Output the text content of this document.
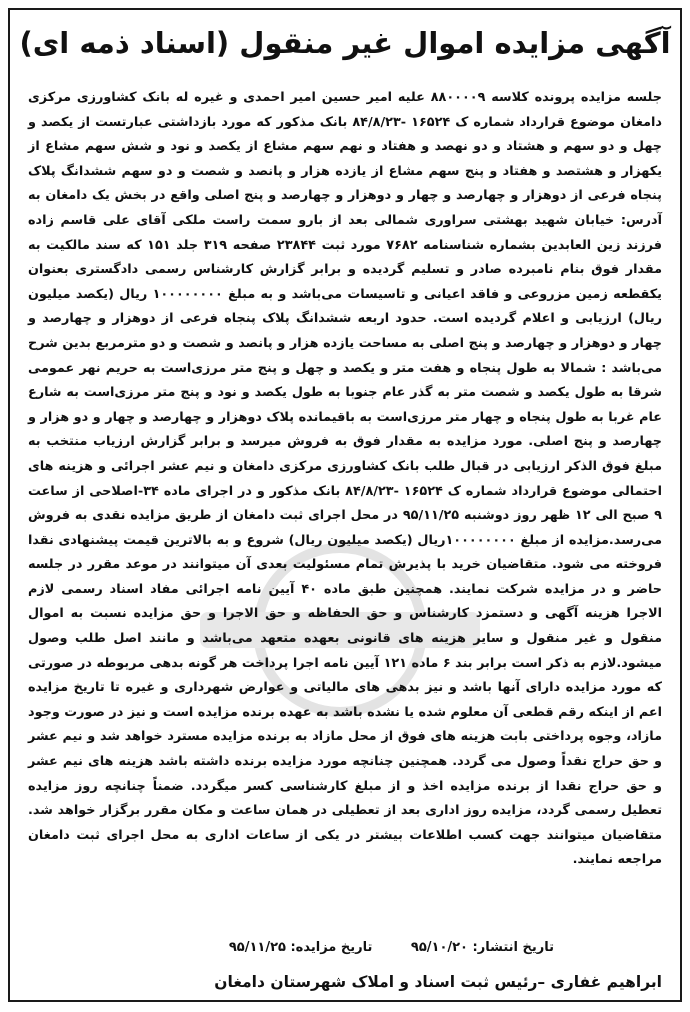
آگهی مزایده اموال غیر منقول (اسناد ذمه ای)
جلسه مزایده پرونده کلاسه ۸۸۰۰۰۰۹ علیه امیر حسین امیر احمدی و غیره له بانک کشاورزی مرکزی دامغان موضوع قرارداد شماره ک ۱۶۵۲۴ -۸۴/۸/۲۳ بانک مذکور که مورد بازداشتی عبارتست از یکصد و چهل و دو سهم و هشتاد و دو نهصد و هفتاد و نهم سهم مشاع از یکصد و نود و شش سهم مشاع از یکهزار و هشتصد و هفتاد و پنج سهم مشاع از یازده هزار و پانصد و شصت و دو سهم ششدانگ پلاک پنجاه فرعی از دوهزار و چهارصد و چهار و دوهزار و چهارصد و پنج اصلی واقع در بخش یک دامغان به آدرس: خیابان شهید بهشتی سراوری شمالی بعد از بارو سمت راست ملکی آقای علی قاسم زاده فرزند زین العابدین بشماره شناسنامه ۷۶۸۲ مورد ثبت ۲۳۸۴۴ صفحه ۳۱۹ جلد ۱۵۱ که سند مالکیت به مقدار فوق بنام نامبرده صادر و تسلیم گردیده و برابر گزارش کارشناس رسمی دادگستری بعنوان یکقطعه زمین مزروعی و فاقد اعیانی و تاسیسات می‌باشد و به مبلغ ۱۰۰۰۰۰۰۰۰ ریال (یکصد میلیون ریال) ارزیابی و اعلام گردیده است. حدود اربعه ششدانگ پلاک پنجاه فرعی از دوهزار و چهارصد و چهار و دوهزار و چهارصد و پنج اصلی به مساحت یازده هزار و پانصد و شصت و دو مترمربع بدین شرح می‌باشد : شمالا به طول پنجاه و هفت متر و یکصد و چهل و پنج متر مرزی‌است به حریم نهر عمومی شرقا به طول یکصد و شصت متر به گذر عام جنوبا به طول یکصد و نود و پنج متر مرزی‌است به شارع عام غربا به طول پنجاه و چهار متر مرزی‌است به باقیمانده پلاک دوهزار و چهارصد و چهار و دو هزار و چهارصد و پنج اصلی. مورد مزایده به مقدار فوق به فروش میرسد و برابر گزارش ارزیاب منتخب به مبلغ فوق الذکر ارزیابی در قبال طلب بانک کشاورزی مرکزی دامغان و نیم عشر اجرائی و هزینه های احتمالی موضوع قرارداد شماره ک ۱۶۵۲۴ -۸۴/۸/۲۳ بانک مذکور و در اجرای ماده ۳۴-اصلاحی از ساعت ۹ صبح الی ۱۲ ظهر روز دوشنبه ۹۵/۱۱/۲۵ در محل اجرای ثبت دامغان از طریق مزایده نقدی به فروش می‌رسد.مزایده از مبلغ ۱۰۰۰۰۰۰۰۰ریال (یکصد میلیون ریال) شروع و به بالاترین قیمت پیشنهادی نقدا فروخته می شود. متقاضیان خرید با پذیرش تمام مسئولیت بعدی آن میتوانند در موعد مقرر در جلسه حاضر و در مزایده شرکت نمایند. همچنین طبق ماده ۴۰ آیین نامه اجرائی مفاد اسناد رسمی لازم الاجرا هزینه آگهی و دستمزد کارشناس و حق الحفاظه و حق الاجرا و حق مزایده نسبت به اموال منقول و غیر منقول و سایر هزینه های قانونی بعهده متعهد می‌باشد و مانند اصل طلب وصول میشود.لازم به ذکر است برابر بند ۶ ماده ۱۲۱ آیین نامه اجرا پرداخت هر گونه بدهی مربوطه در صورتی که مورد مزایده دارای آنها باشد و نیز بدهی های مالیاتی و عوارض شهرداری و غیره تا تاریخ مزایده اعم از اینکه رقم قطعی آن معلوم شده یا نشده باشد به عهده برنده مزایده است و نیز در صورت وجود مازاد، وجوه پرداختی بابت هزینه های فوق از محل مازاد به برنده مزایده مسترد خواهد شد و نیم عشر و حق حراج نقداً وصول می گردد. همچنین چنانچه مورد مزایده برنده داشته باشد هزینه های نیم عشر و حق حراج نقدا از برنده مزایده اخذ و از مبلغ کارشناسی کسر میگردد. ضمناً چنانچه روز مزایده تعطیل رسمی گردد، مزایده روز اداری بعد از تعطیلی در همان ساعت و مکان مقرر برگزار خواهد شد. متقاضیان میتوانند جهت کسب اطلاعات بیشتر در یکی از ساعات اداری به محل اجرای ثبت دامغان مراجعه نمایند.
تاریخ انتشار: ۹۵/۱۰/۲۰ تاریخ مزایده: ۹۵/۱۱/۲۵
ابراهیم غفاری –رئیس ثبت اسناد و املاک شهرستان دامغان
